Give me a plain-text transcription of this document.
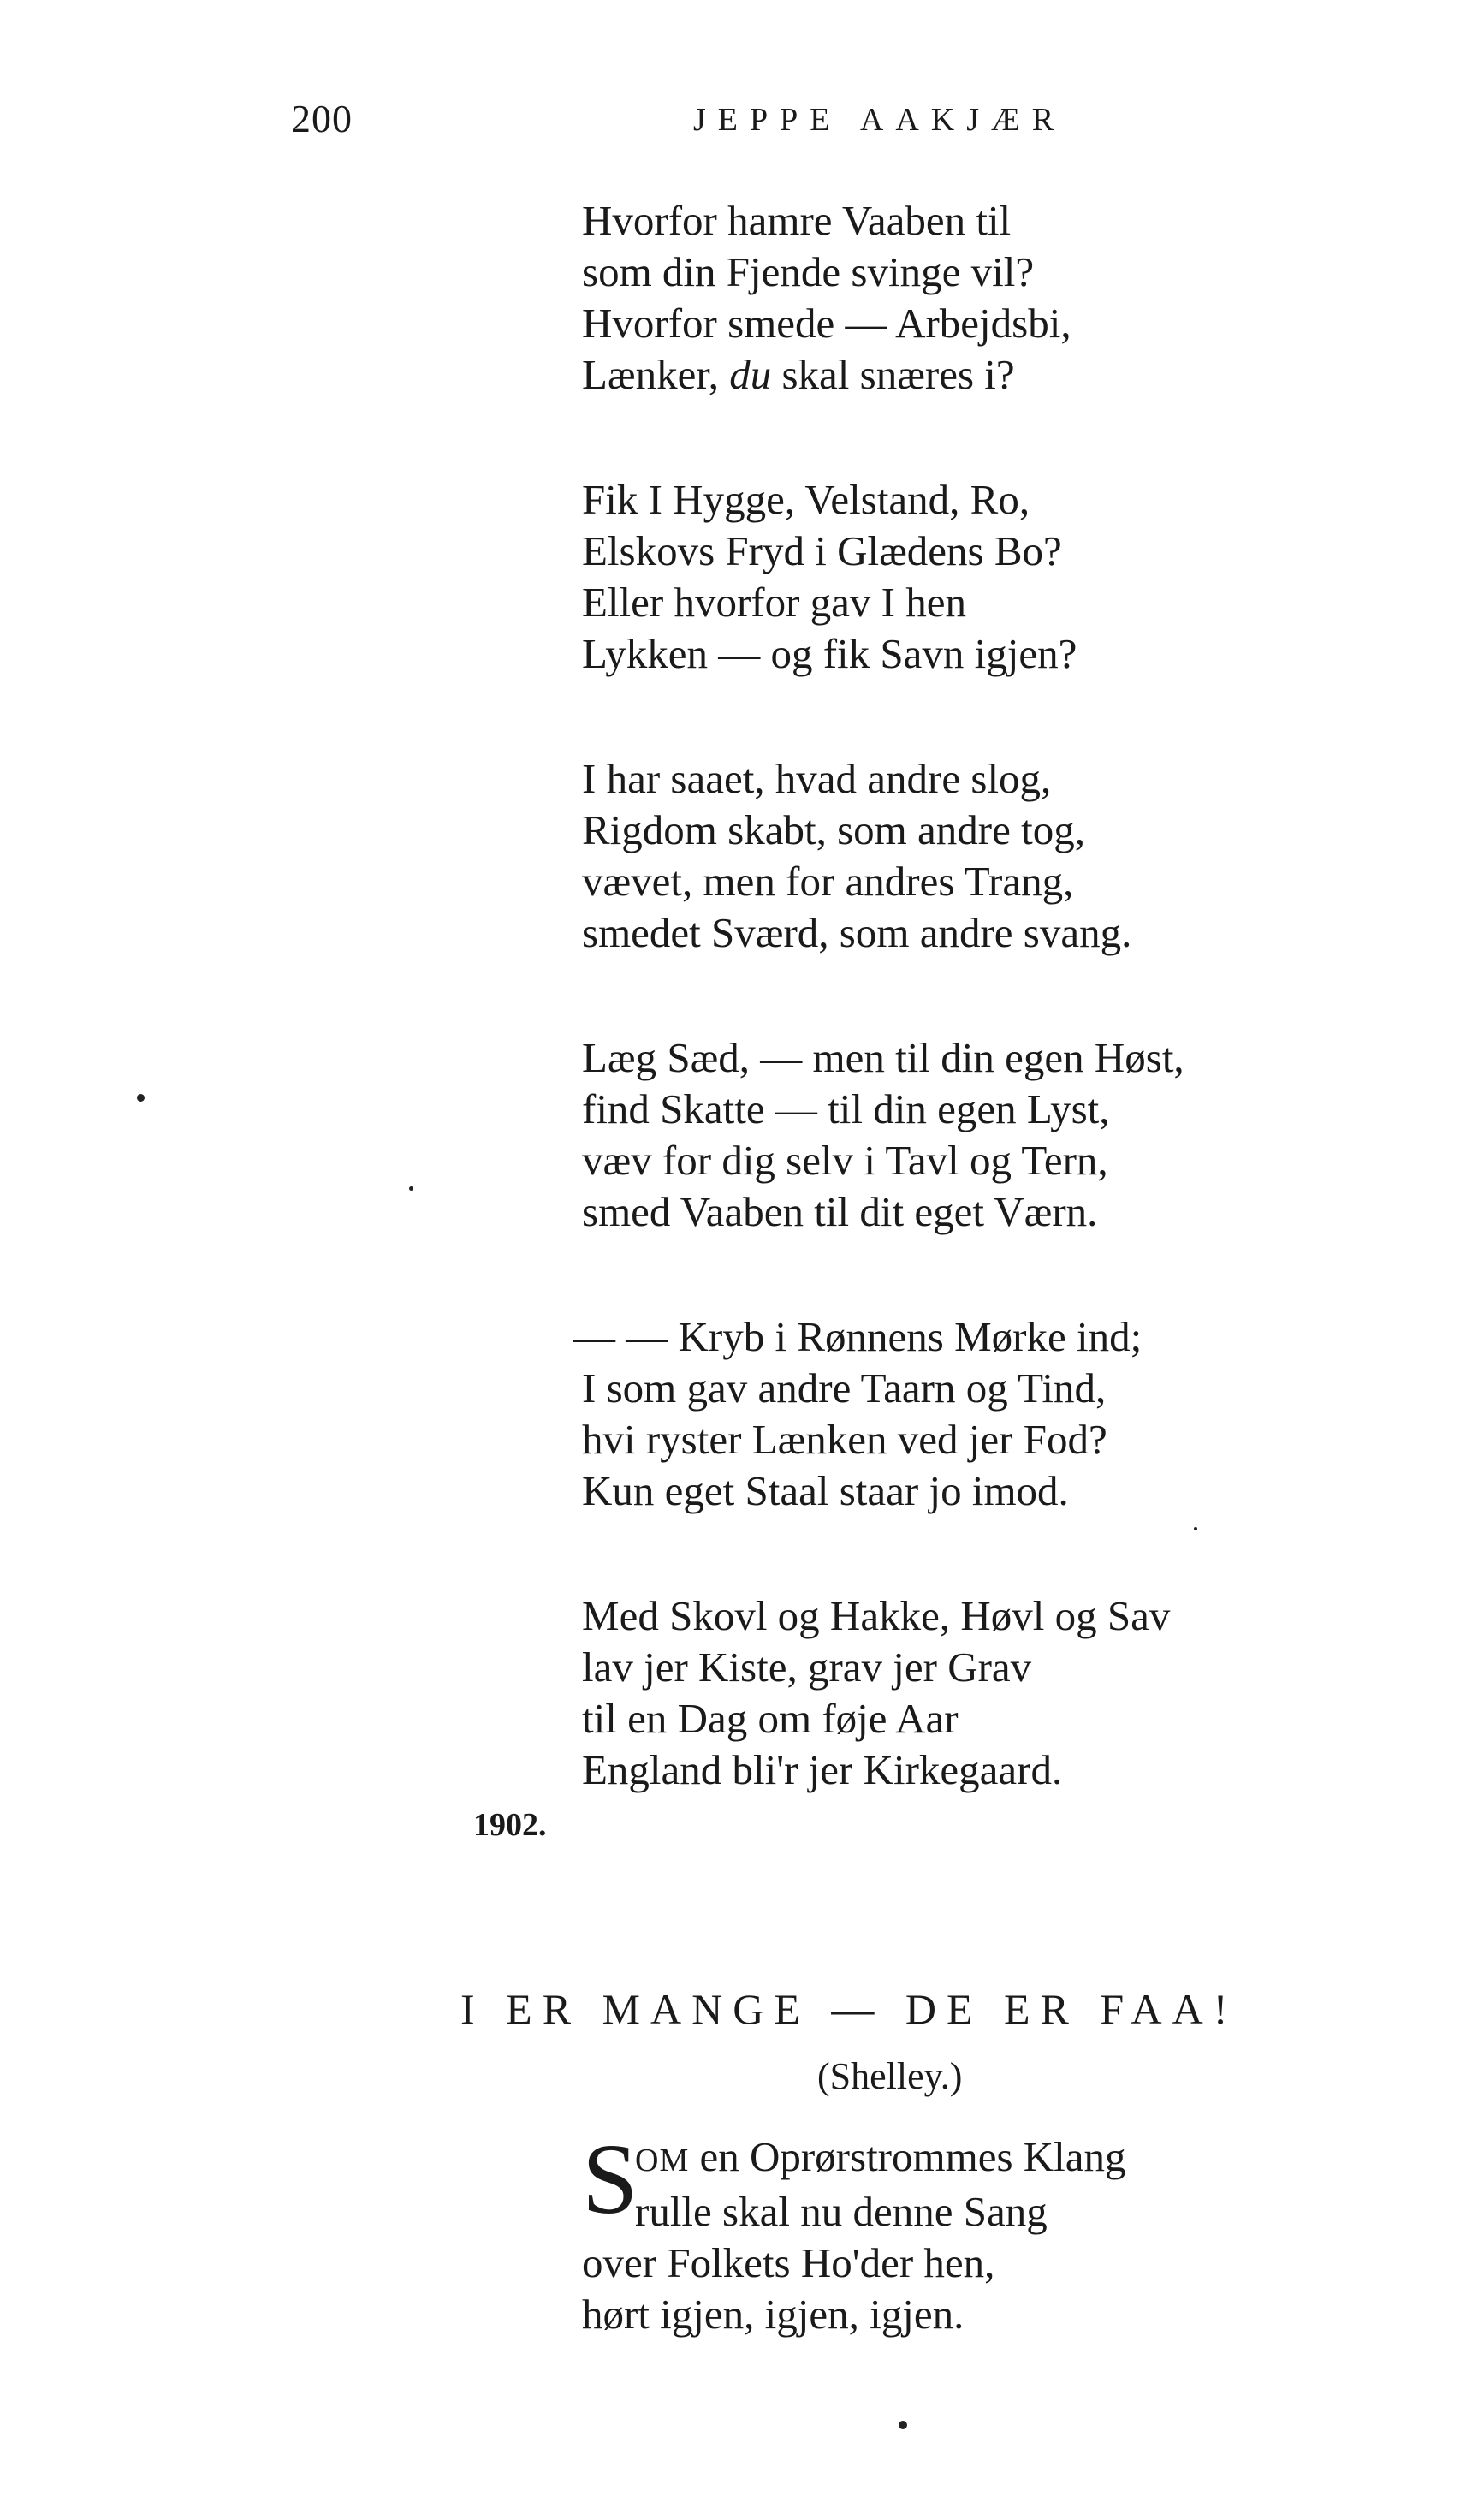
200	JEPPE AAKJÆR
Hvorfor hamre Vaaben til
som din Fjende svinge vil?
Hvorfor smede — Arbejdsbi,
Lænker, du skal snæres i?
Fik I Hygge, Velstand, Ro,
Elskovs Fryd i Glædens Bo?
Eller hvorfor gav I hen
Lykken — og fik Savn igjen?
I har saaet, hvad andre slog,
Rigdom skabt, som andre tog,
vævet, men for andres Trang,
smedet Sværd, som andre svang.
Læg Sæd, — men til din egen Høst,
find Skatte — til din egen Lyst,
væv for dig selv i Tavl og Tern,
smed Vaaben til dit eget Værn.
— — Kryb i Rønnens Mørke ind;
I som gav andre Taarn og Tind,
hvi ryster Lænken ved jer Fod?
Kun eget Staal staar jo imod.
Med Skovl og Hakke, Høvl og Sav
lav jer Kiste, grav jer Grav
til en Dag om føje Aar
England bli'r jer Kirkegaard.
1902.
I ER MANGE — DE ER FAA!
(Shelley.)
S
OM en Oprørstrommes Klang
rulle skal nu denne Sang
over Folkets Ho'der hen,
hørt igjen, igjen, igjen.
